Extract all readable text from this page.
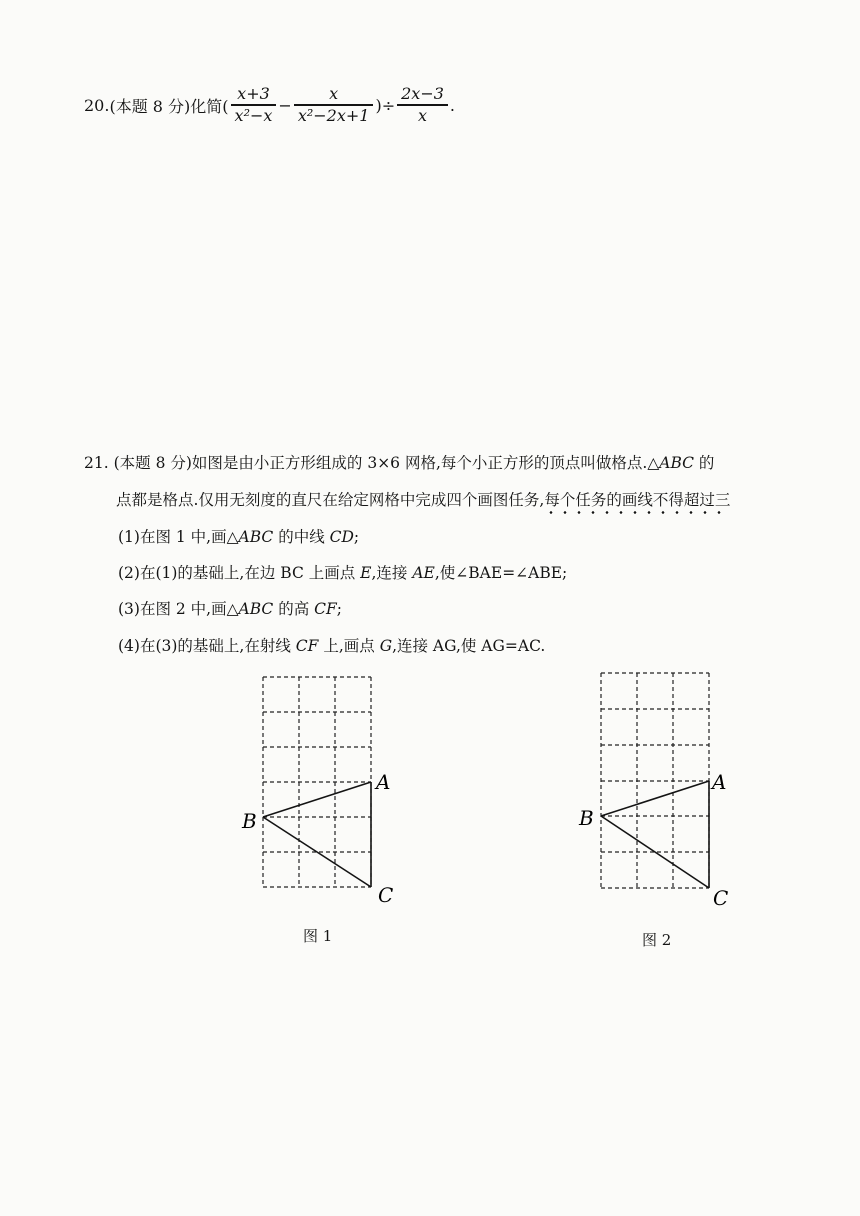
20. (本题 8 分) 化简( $\frac{x+3}{\text{x²−x}} - \frac{x}{\text{x²−2x+1}}$ )÷ $\frac{2x-3}{x}$ .
21. (本题 8 分)如图是由小正方形组成的 3×6 网格,每个小正方形的顶点叫做格点.△ABC 的
点都是格点.仅用无刻度的直尺在给定网格中完成四个画图任务,每个任务的画线不得超过三
(1)在图 1 中,画△ABC 的中线 CD;
(2)在(1)的基础上,在边 BC 上画点 E,连接 AE,使∠BAE=∠ABE;
(3)在图 2 中,画△ABC 的高 CF;
(4)在(3)的基础上,在射线 CF 上,画点 G,连接 AG,使 AG=AC.
A
B
C
图 1
A
B
C
图 2
